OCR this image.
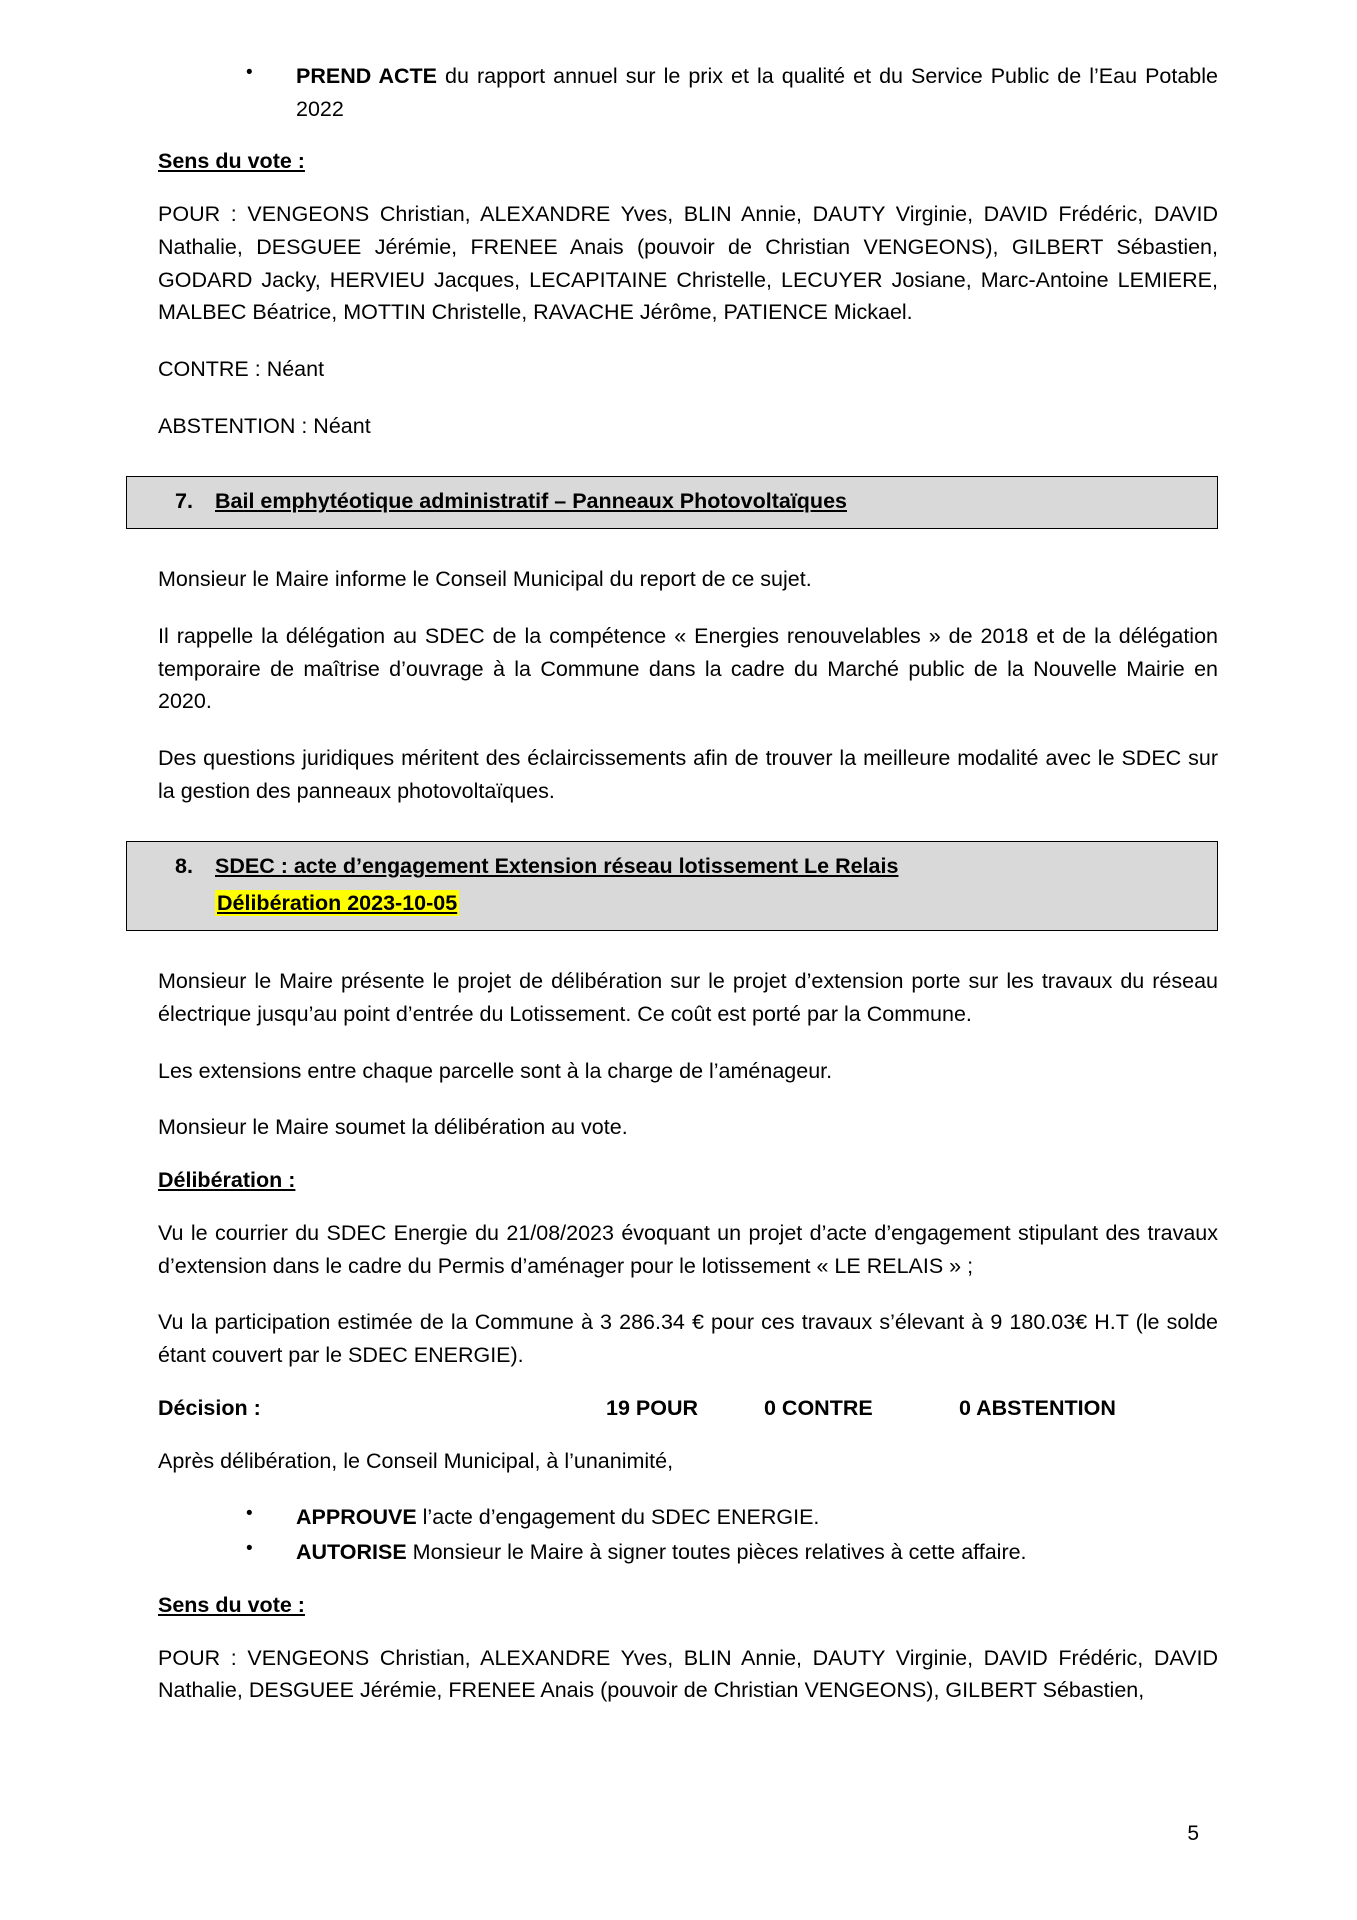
• PREND ACTE du rapport annuel sur le prix et la qualité et du Service Public de l’Eau Potable 2022
Sens du vote :

POUR : VENGEONS Christian, ALEXANDRE Yves, BLIN Annie, DAUTY Virginie, DAVID Frédéric, DAVID Nathalie, DESGUEE Jérémie, FRENEE Anais (pouvoir de Christian VENGEONS), GILBERT Sébastien, GODARD Jacky, HERVIEU Jacques, LECAPITAINE Christelle, LECUYER Josiane, Marc-Antoine LEMIERE, MALBEC Béatrice, MOTTIN Christelle, RAVACHE Jérôme, PATIENCE Mickael.

CONTRE : Néant

ABSTENTION : Néant

7.	Bail emphytéotique administratif – Panneaux Photovoltaïques

Monsieur le Maire informe le Conseil Municipal du report de ce sujet.

Il rappelle la délégation au SDEC de la compétence « Energies renouvelables » de 2018 et de la délégation temporaire de maîtrise d’ouvrage à la Commune dans la cadre du Marché public de la Nouvelle Mairie en 2020.

Des questions juridiques méritent des éclaircissements afin de trouver la meilleure modalité avec le SDEC sur la gestion des panneaux photovoltaïques.

8.	SDEC : acte d’engagement Extension réseau lotissement Le Relais
Délibération 2023-10-05

Monsieur le Maire présente le projet de délibération sur le projet d’extension porte sur les travaux du réseau électrique jusqu’au point d’entrée du Lotissement. Ce coût est porté par la Commune.

Les extensions entre chaque parcelle sont à la charge de l’aménageur.

Monsieur le Maire soumet la délibération au vote.

Délibération :

Vu le courrier du SDEC Energie du 21/08/2023 évoquant un projet d’acte d’engagement stipulant des travaux d’extension dans le cadre du Permis d’aménager pour le lotissement « LE RELAIS » ;

Vu la participation estimée de la Commune à 3 286.34 € pour ces travaux s’élevant à 9 180.03€ H.T (le solde étant couvert par le SDEC ENERGIE).

Décision :	19 POUR	0 CONTRE	0 ABSTENTION

Après délibération, le Conseil Municipal, à l’unanimité,

• APPROUVE l’acte d’engagement du SDEC ENERGIE.
• AUTORISE Monsieur le Maire à signer toutes pièces relatives à cette affaire.
Sens du vote :

POUR : VENGEONS Christian, ALEXANDRE Yves, BLIN Annie, DAUTY Virginie, DAVID Frédéric, DAVID Nathalie, DESGUEE Jérémie, FRENEE Anais (pouvoir de Christian VENGEONS), GILBERT Sébastien,

5
